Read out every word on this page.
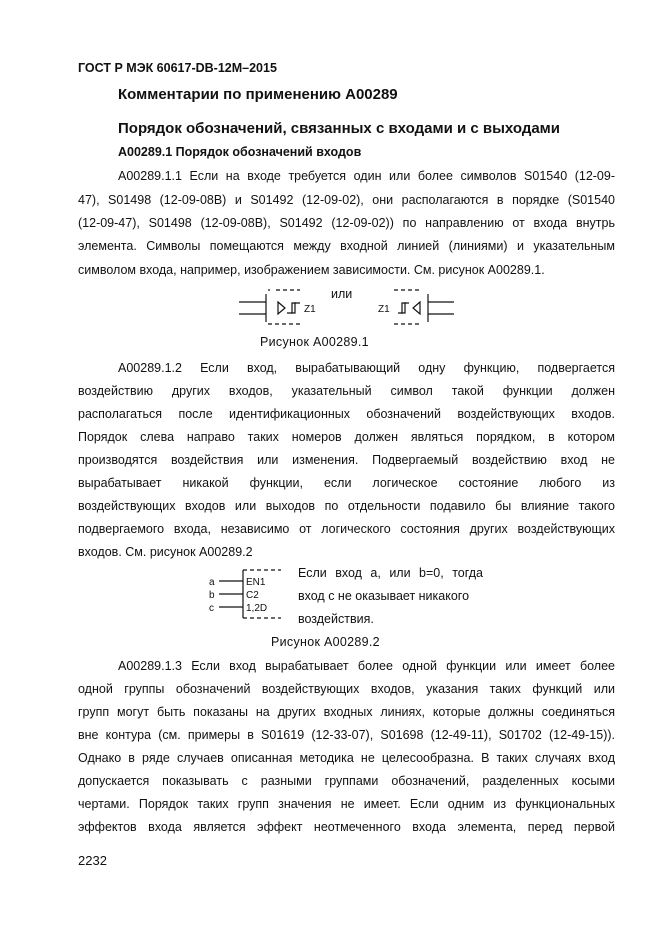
ГОСТ Р МЭК 60617-DB-12M–2015
Комментарии по применению А00289
Порядок обозначений, связанных с входами и с выходами
А00289.1 Порядок обозначений входов
А00289.1.1 Если на входе требуется один или более символов S01540 (12-09-
47), S01498 (12-09-08В) и S01492 (12-09-02), они располагаются в порядке (S01540
(12-09-47), S01498 (12-09-08В), S01492 (12-09-02)) по направлению от входа внутрь
элемента. Символы помещаются между входной линией (линиями) и указательным
символом входа, например, изображением зависимости. См. рисунок А00289.1.
Z1	Z1
или
Рисунок А00289.1
А00289.1.2 Если вход, вырабатывающий одну функцию, подвергается
воздействию других входов, указательный символ такой функции должен
располагаться после идентификационных обозначений воздействующих входов.
Порядок слева направо таких номеров должен являться порядком, в котором
производятся воздействия или изменения. Подвергаемый воздействию вход не
вырабатывает никакой функции, если логическое состояние любого из
воздействующих входов или выходов по отдельности подавило бы влияние такого
подвергаемого входа, независимо от логического состояния других воздействующих
входов. См. рисунок А00289.2
a
b
c
EN1
C2
1,2D
Если вход а, или b=0, тогда
вход с не оказывает никакого
воздействия.
Рисунок А00289.2
А00289.1.3 Если вход вырабатывает более одной функции или имеет более
одной группы обозначений воздействующих входов, указания таких функций или
групп могут быть показаны на других входных линиях, которые должны соединяться
вне контура (см. примеры в S01619 (12-33-07), S01698 (12-49-11), S01702 (12-49-15)).
Однако в ряде случаев описанная методика не целесообразна. В таких случаях вход
допускается показывать с разными группами обозначений, разделенных косыми
чертами. Порядок таких групп значения не имеет. Если одним из функциональных
эффектов входа является эффект неотмеченного входа элемента, перед первой
2232
